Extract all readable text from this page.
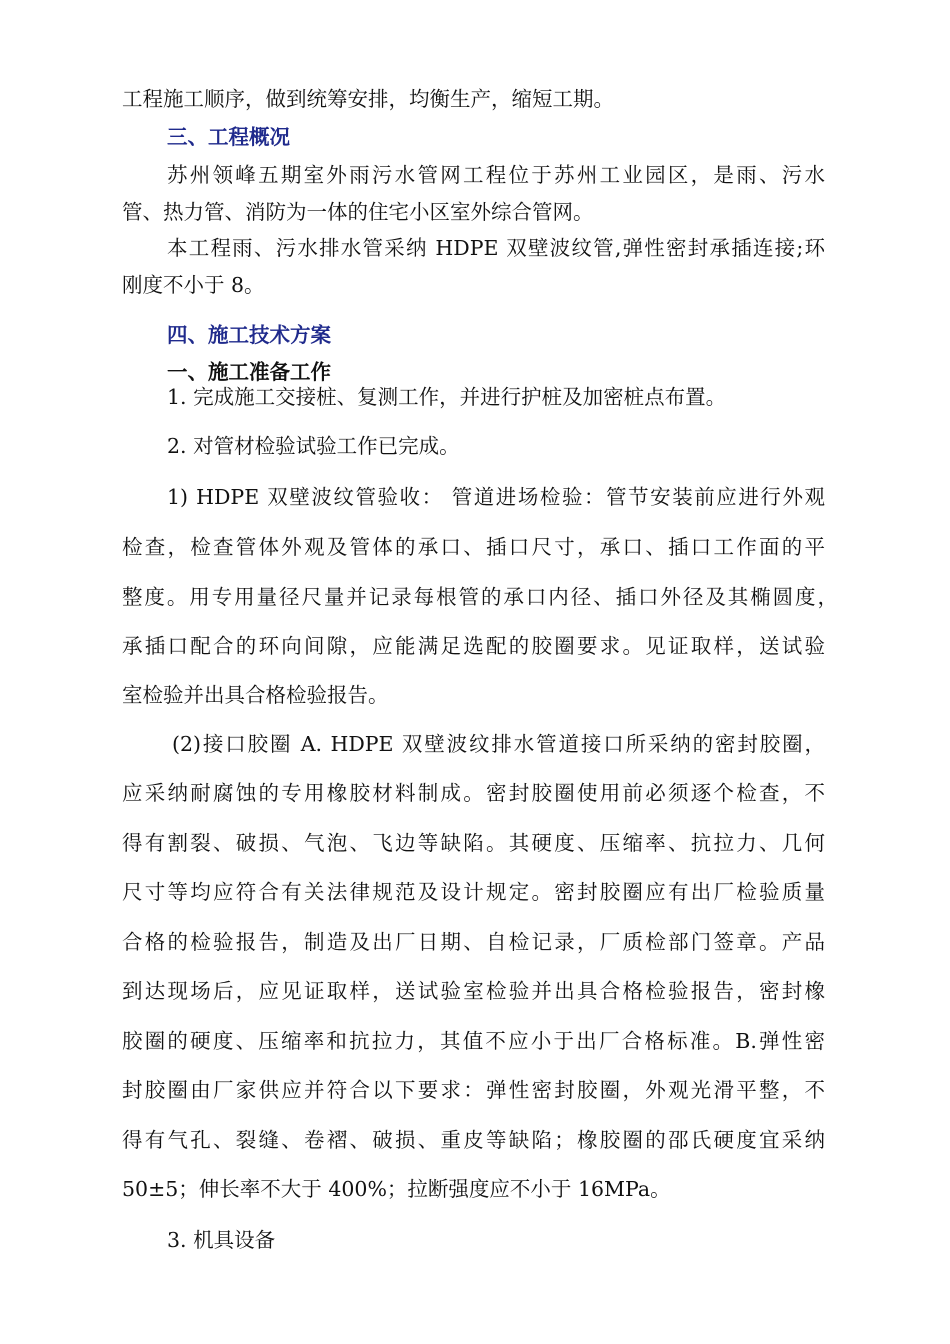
工程施工顺序，做到统筹安排，均衡生产，缩短工期。
三、工程概况
苏州领峰五期室外雨污水管网工程位于苏州工业园区，是雨、污水
管、热力管、消防为一体的住宅小区室外综合管网。
本工程雨、污水排水管采纳 HDPE 双壁波纹管,弹性密封承插连接;环
刚度不小于 8。
四、施工技术方案
一、施工准备工作
1. 完成施工交接桩、复测工作，并进行护桩及加密桩点布置。
2. 对管材检验试验工作已完成。
1) HDPE 双壁波纹管验收： 管道进场检验：管节安装前应进行外观
检查，检查管体外观及管体的承口、插口尺寸，承口、插口工作面的平
整度。用专用量径尺量并记录每根管的承口内径、插口外径及其椭圆度，
承插口配合的环向间隙，应能满足选配的胶圈要求。见证取样，送试验
室检验并出具合格检验报告。
(2)接口胶圈 A. HDPE 双壁波纹排水管道接口所采纳的密封胶圈，
应采纳耐腐蚀的专用橡胶材料制成。密封胶圈使用前必须逐个检查，不
得有割裂、破损、气泡、飞边等缺陷。其硬度、压缩率、抗拉力、几何
尺寸等均应符合有关法律规范及设计规定。密封胶圈应有出厂检验质量
合格的检验报告，制造及出厂日期、自检记录，厂质检部门签章。产品
到达现场后，应见证取样，送试验室检验并出具合格检验报告，密封橡
胶圈的硬度、压缩率和抗拉力，其值不应小于出厂合格标准。B.弹性密
封胶圈由厂家供应并符合以下要求：弹性密封胶圈，外观光滑平整，不
得有气孔、裂缝、卷褶、破损、重皮等缺陷；橡胶圈的邵氏硬度宜采纳
50±5；伸长率不大于 400%；拉断强度应不小于 16MPa。
3. 机具设备
